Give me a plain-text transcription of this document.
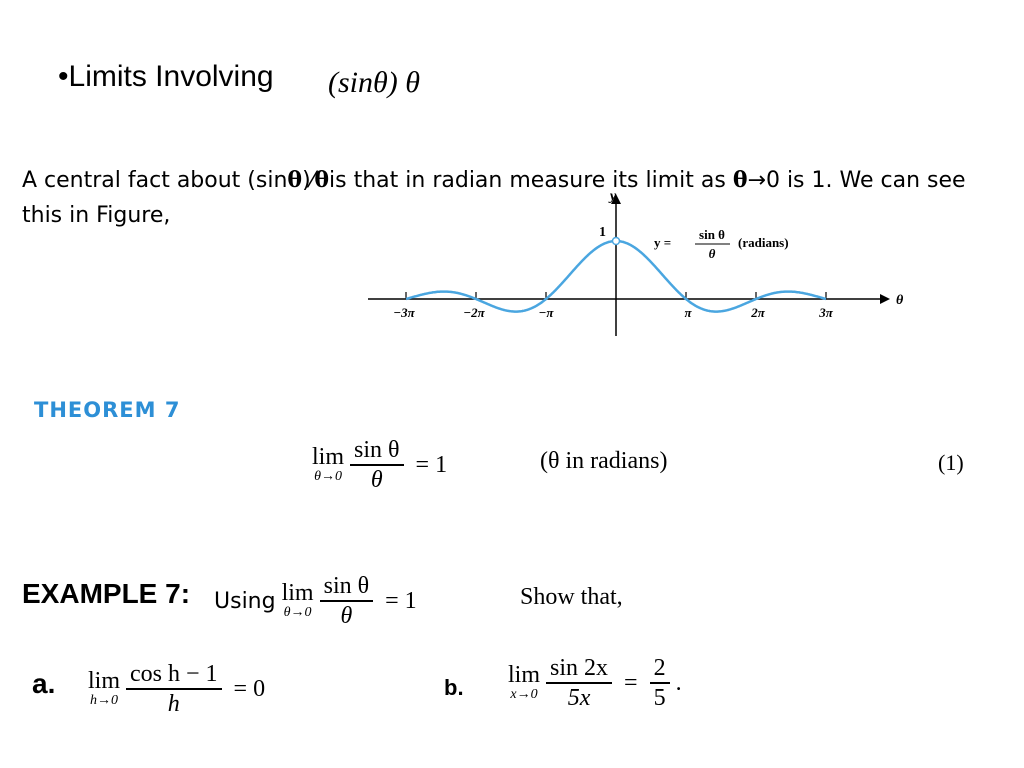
•Limits Involving (sinθ) θ
A central fact about (sinθ)⁄θis that in radian measure its limit as θ→0 is 1. We can see this in Figure,
y
θ
1
−3π	−2π	−π	π	2π	3π
y =
sin θ
θ
(radians)
THEOREM 7
lim
$\theta\to 0 \frac{\text{sin θ}}{\theta} = 1$	(θ in radians)	(1)
EXAMPLE 7: Using lim
$\theta\to 0 \frac{\text{sin θ}}{\theta} = 1$	Show that,
a. lim
$h\to 0 \frac{\text{cos h − 1}}{h} = 0$	b. lim
$x\to 0 \frac{\sin 2x}{5x} = \frac{2}{5}$ .
